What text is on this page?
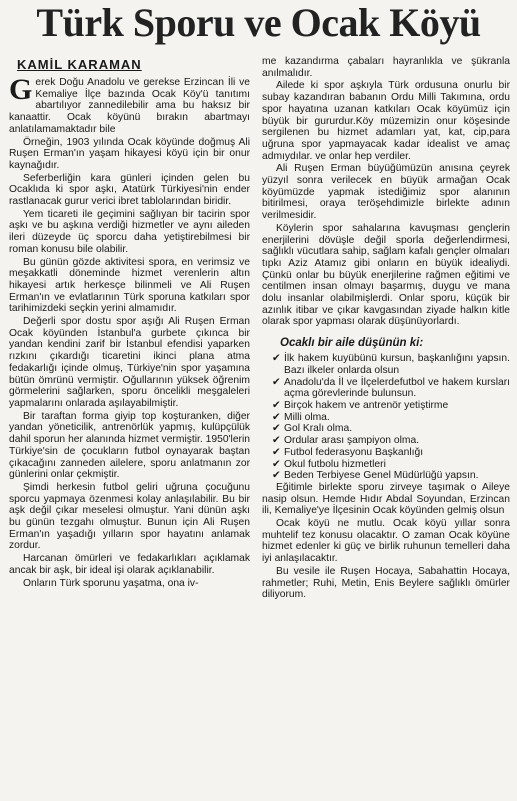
Türk Sporu ve Ocak Köyü
KAMİL KARAMAN

Gerek Doğu Anadolu ve gerekse Erzincan İli ve Kemaliye İlçe bazında Ocak Köy'ü tanıtımı abartılıyor zannedilebilir ama bu haksız bir kanaattir. Ocak köyünü bırakın abartmayı anlatılamamaktadır bile

Örneğin, 1903 yılında Ocak köyünde doğmuş Ali Ruşen Erman'ın yaşam hikayesi köyü için bir onur kaynağıdır.

Seferberliğin kara günleri içinden gelen bu Ocaklıda ki spor aşkı, Atatürk Türkiyesi'nin ender rastlanacak gurur verici ibret tablolarından biridir.

Yem ticareti ile geçimini sağlıyan bir tacirin spor aşkı ve bu aşkına verdiği hizmetler ve aynı aileden ileri düzeyde üç sporcu daha yetiştirebilmesi bir roman konusu bile olabilir.

Bu günün gözde aktivitesi spora, en verimsiz ve meşakkatli döneminde hizmet verenlerin altın hikayesi artık herkesçe bilinmeli ve Ali Ruşen Erman'ın ve evlatlarının Türk sporuna katkıları spor tarihimizdeki seçkin yerini almamıdır.

Değerli spor dostu spor aşığı Ali Ruşen Erman Ocak köyünden İstanbul'a gurbete çıkınca bir yandan kendini zarif bir İstanbul efendisi yaparken rızkını çıkardığı ticaretini ikinci plana atma fedakarlığı içinde olmuş, Türkiye'nin spor yaşamına bütün ömrünü vermiştir. Oğullarının yüksek öğrenim görmelerini sağlarken, sporu öncelikli meşgaleleri yapmalarını onlarada aşılayabilmiştir.

Bir taraftan forma giyip top koşturanken, diğer yandan yöneticilik, antrenörlük yapmış, kulüpçülük dahil sporun her alanında hizmet vermiştir. 1950'lerin Türkiye'sin de çocukların futbol oynayarak baştan çıkacağını zanneden ailelere, sporu anlatmanın zor günlerini onlar çekmiştir.

Şimdi herkesin futbol geliri uğruna çocuğunu sporcu yapmaya özenmesi kolay anlaşılabilir. Bu bir aşk değil çıkar meselesi olmuştur. Yani dünün aşkı bu günün tezgahı olmuştur. Bunun için Ali Ruşen Erman'ın yaşadığı yılların spor hayatını anlamak zordur.

Harcanan ömürleri ve fedakarlıkları açıklamak ancak bir aşk, bir ideal işi olarak açıklanabilir.

Onların Türk sporunu yaşatma, ona iv-

me kazandırma çabaları hayranlıkla ve şükranla anılmalıdır.

Ailede ki spor aşkıyla Türk ordusuna onurlu bir subay kazandıran babanın Ordu Milli Takımına, ordu spor hayatına uzanan katkıları Ocak köyümüz için büyük bir gururdur.Köy müzemizin onur köşesinde sergilenen bu hizmet adamları yat, kat, cip,para uğruna spor yapmayacak kadar idealist ve amaç admıydılar. ve onlar hep verdiler.

Ali Ruşen Erman büyüğümüzün anısına çeyrek yüzyıl sonra verilecek en büyük armağan Ocak köyümüzde yapmak istediğimiz spor alanının bitirilmesi, oraya teröşehdimizle birlekte adının verilmesidir.

Köylerin spor sahalarına kavuşması gençlerin enerjilerini dövüşle değil sporla değerlendirmesi, sağlıklı vücutlara sahip, sağlam kafalı gençler olmaları tıpkı Aziz Atamız gibi onların en büyük idealiydi. Çünkü onlar bu büyük enerjilerine rağmen eğitimi ve centilmen insan olmayı başarmış, duygu ve mana dolu insanlar olabilmişlerdi. Onlar sporu, küçük bir azınlık itibar ve çıkar kavgasından ziyade halkın kitle olarak spor yapması olarak düşünüyorlardı.

Ocaklı bir aile düşünün ki:

✔ İlk hakem kuyübünü kursun, başkanlığını yapsın. Bazı ilkeler onlarda olsun
✔ Anadolu'da İl ve İlçelerdefutbol ve hakem kursları açma görevlerinde bulunsun.
✔ Birçok hakem ve antrenör yetiştirme
✔ Milli olma.
✔ Gol Kralı olma.
✔ Ordular arası şampiyon olma.
✔ Futbol federasyonu Başkanlığı
✔ Okul futbolu hizmetleri
✔ Beden Terbiyese Genel Müdürlüğü yapsın.

Eğitimle birlekte sporu zirveye taşımak o Aileye nasip olsun. Hemde Hıdır Abdal Soyundan, Erzincan ili, Kemaliye'ye İlçesinin Ocak köyünden gelmiş olsun

Ocak köyü ne mutlu. Ocak köyü yıllar sonra muhtelif tez konusu olacaktır. O zaman Ocak köyüne hizmet edenler ki güç ve birlik ruhunun temelleri daha iyi anlaşılacaktır.

Bu vesile ile Ruşen Hocaya, Sabahattin Hocaya, rahmetler; Ruhi, Metin, Enis Beylere sağlıklı ömürler diliyorum.
